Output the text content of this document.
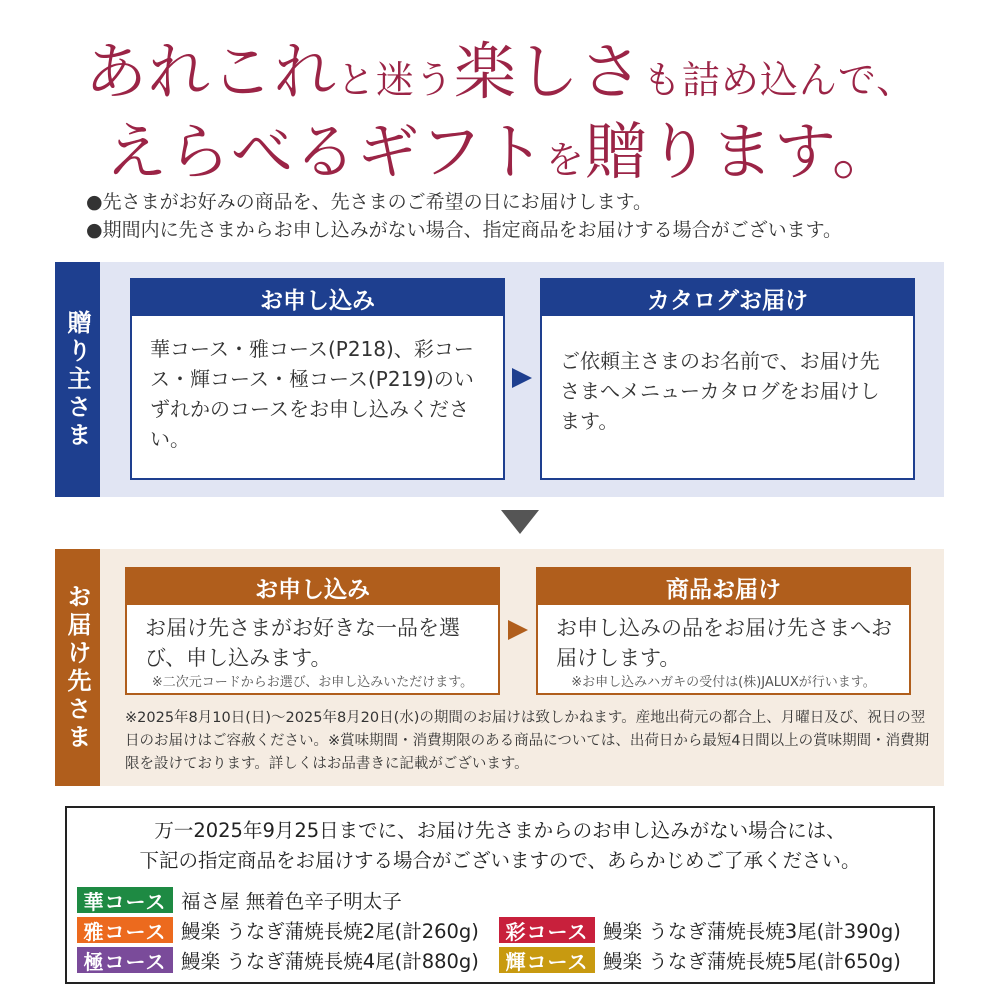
あれこれと迷う楽しさも詰め込んで、
えらべるギフトを贈ります。
●先さまがお好みの商品を、先さまのご希望の日にお届けします。
●期間内に先さまからお申し込みがない場合、指定商品をお届けする場合がございます。
贈り主さま
お申し込み
華コース・雅コース(P218)、彩コース・輝コース・極コース(P219)のいずれかのコースをお申し込みください。
カタログお届け
ご依頼主さまのお名前で、お届け先さまへメニューカタログをお届けします。
お届け先さま	お申し込み
お届け先さまがお好きな一品を選び、申し込みます。
※二次元コードからお選び、お申し込みいただけます。
商品お届け
お申し込みの品をお届け先さまへお届けします。
※お申し込みハガキの受付は(株)JALUXが行います。
※2025年8月10日(日)～2025年8月20日(水)の期間のお届けは致しかねます。産地出荷元の都合上、月曜日及び、祝日の翌日のお届けはご容赦ください。※賞味期間・消費期限のある商品については、出荷日から最短4日間以上の賞味期間・消費期限を設けております。詳しくはお品書きに記載がございます。
万一2025年9月25日までに、お届け先さまからのお申し込みがない場合には、
下記の指定商品をお届けする場合がございますので、あらかじめご了承ください。
華コース 福さ屋 無着色辛子明太子
雅コース 鰻楽 うなぎ蒲焼長焼2尾(計260g)	彩コース 鰻楽 うなぎ蒲焼長焼3尾(計390g)
極コース 鰻楽 うなぎ蒲焼長焼4尾(計880g)	輝コース 鰻楽 うなぎ蒲焼長焼5尾(計650g)
